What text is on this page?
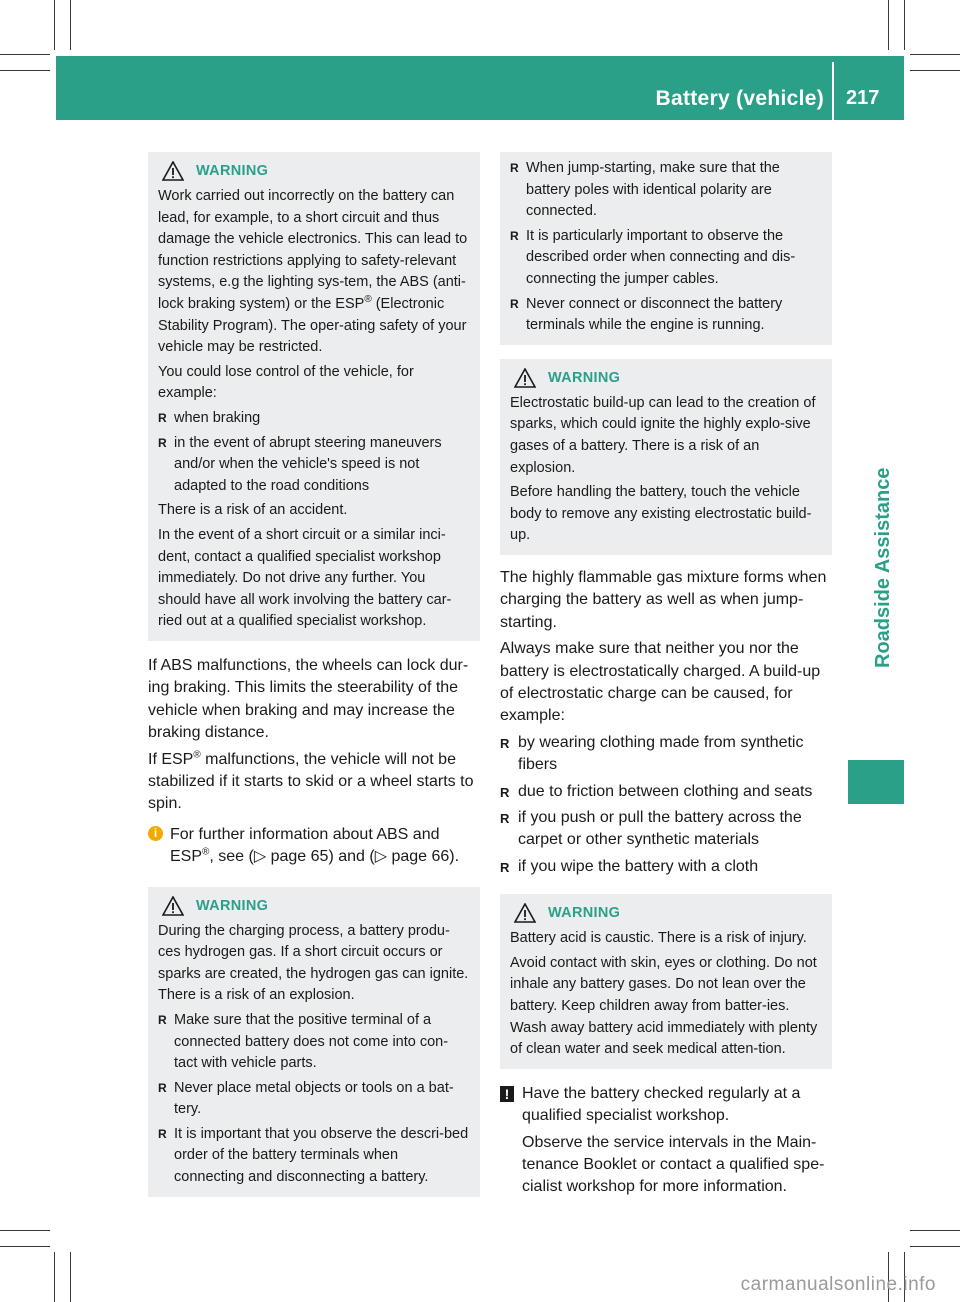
Battery (vehicle) 217
Roadside Assistance
WARNING

Work carried out incorrectly on the battery can lead, for example, to a short circuit and thus damage the vehicle electronics. This can lead to function restrictions applying to safety-relevant systems, e.g the lighting sys-tem, the ABS (anti-lock braking system) or the ESP® (Electronic Stability Program). The oper-ating safety of your vehicle may be restricted.

You could lose control of the vehicle, for example:

R when braking

R in the event of abrupt steering maneuvers and/or when the vehicle's speed is not adapted to the road conditions

There is a risk of an accident.

In the event of a short circuit or a similar inci-dent, contact a qualified specialist workshop immediately. Do not drive any further. You should have all work involving the battery car-ried out at a qualified specialist workshop.

If ABS malfunctions, the wheels can lock dur-ing braking. This limits the steerability of the vehicle when braking and may increase the braking distance.

If ESP® malfunctions, the vehicle will not be stabilized if it starts to skid or a wheel starts to spin.

i For further information about ABS and ESP®, see (▷ page 65) and (▷ page 66).
WARNING

During the charging process, a battery produ-ces hydrogen gas. If a short circuit occurs or sparks are created, the hydrogen gas can ignite. There is a risk of an explosion.

R Make sure that the positive terminal of a connected battery does not come into con-tact with vehicle parts.

R Never place metal objects or tools on a bat-tery.

R It is important that you observe the descri-bed order of the battery terminals when connecting and disconnecting a battery.

R When jump-starting, make sure that the battery poles with identical polarity are connected.

R It is particularly important to observe the described order when connecting and dis-connecting the jumper cables.

R Never connect or disconnect the battery terminals while the engine is running.

WARNING

Electrostatic build-up can lead to the creation of sparks, which could ignite the highly explo-sive gases of a battery. There is a risk of an explosion.

Before handling the battery, touch the vehicle body to remove any existing electrostatic build-up.

The highly flammable gas mixture forms when charging the battery as well as when jump-starting.

Always make sure that neither you nor the battery is electrostatically charged. A build-up of electrostatic charge can be caused, for example:

R by wearing clothing made from synthetic fibers

R due to friction between clothing and seats

R if you push or pull the battery across the carpet or other synthetic materials

R if you wipe the battery with a cloth

WARNING

Battery acid is caustic. There is a risk of injury.

Avoid contact with skin, eyes or clothing. Do not inhale any battery gases. Do not lean over the battery. Keep children away from batter-ies. Wash away battery acid immediately with plenty of clean water and seek medical atten-tion.

! Have the battery checked regularly at a qualified specialist workshop.

Observe the service intervals in the Main-tenance Booklet or contact a qualified spe-cialist workshop for more information.

carmanualsonline.info
